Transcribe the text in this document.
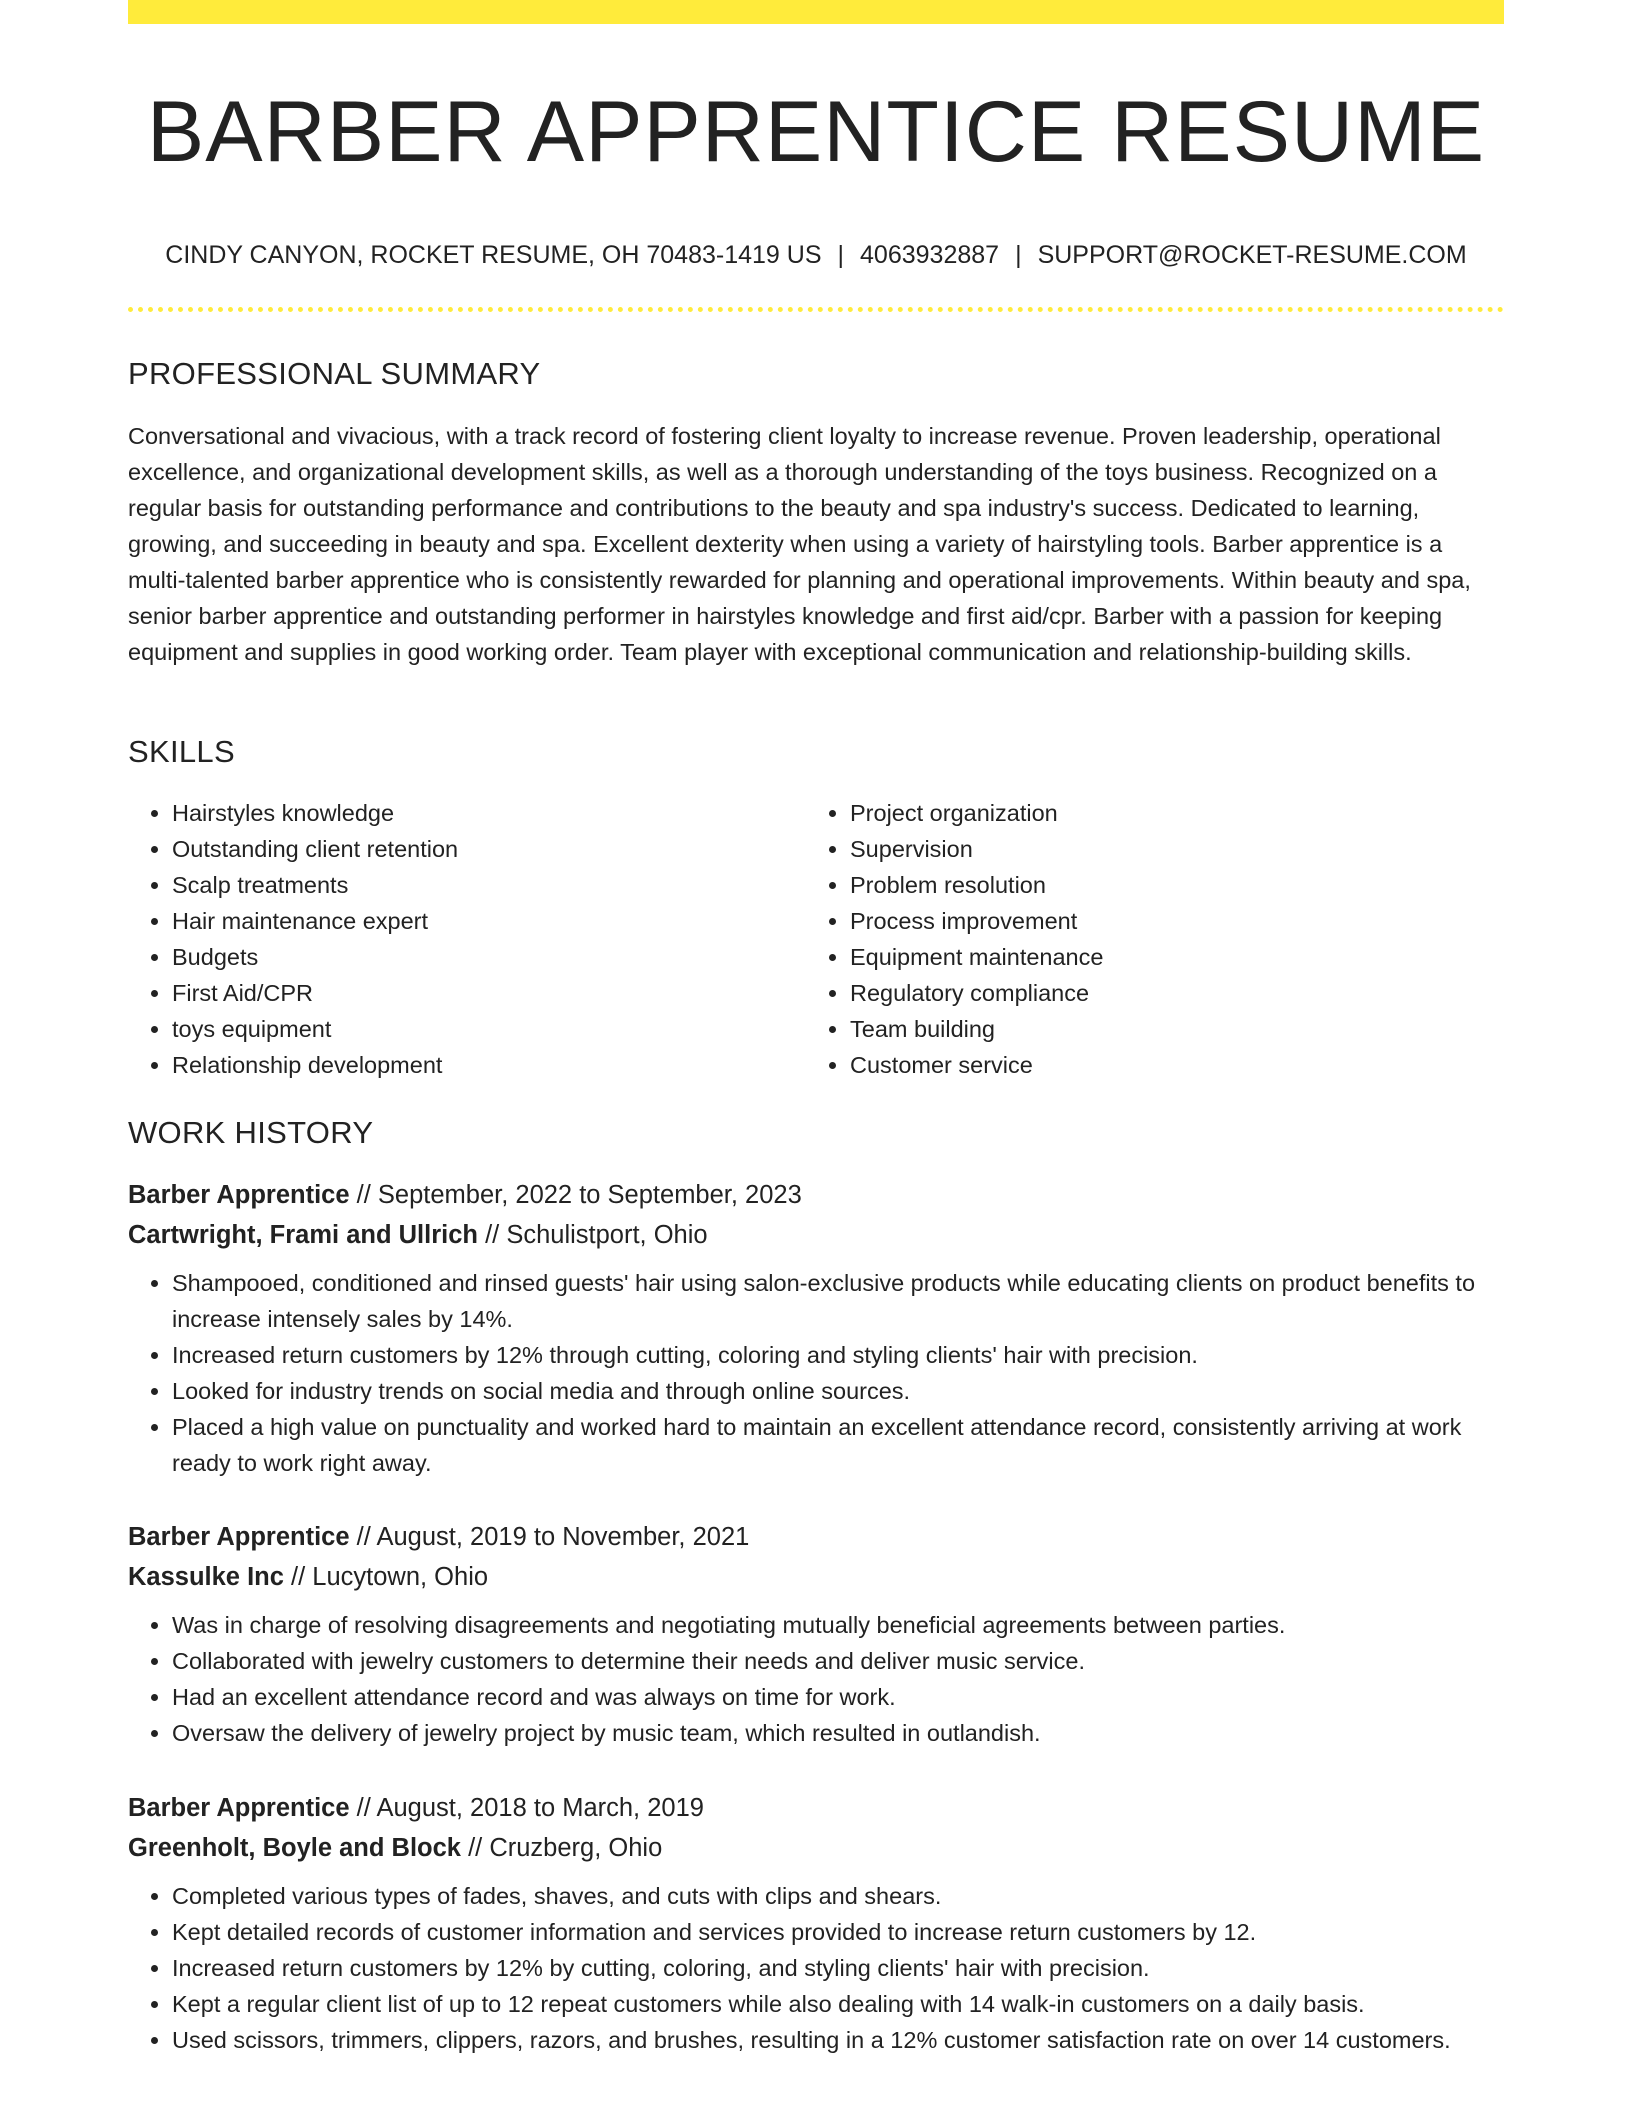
BARBER APPRENTICE RESUME
CINDY CANYON, ROCKET RESUME, OH 70483-1419 US | 4063932887 | SUPPORT@ROCKET-RESUME.COM
PROFESSIONAL SUMMARY

Conversational and vivacious, with a track record of fostering client loyalty to increase revenue. Proven leadership, operational excellence, and organizational development skills, as well as a thorough understanding of the toys business. Recognized on a regular basis for outstanding performance and contributions to the beauty and spa industry's success. Dedicated to learning, growing, and succeeding in beauty and spa. Excellent dexterity when using a variety of hairstyling tools. Barber apprentice is a multi-talented barber apprentice who is consistently rewarded for planning and operational improvements. Within beauty and spa, senior barber apprentice and outstanding performer in hairstyles knowledge and first aid/cpr. Barber with a passion for keeping equipment and supplies in good working order. Team player with exceptional communication and relationship-building skills.

SKILLS
• Hairstyles knowledge
• Outstanding client retention
• Scalp treatments
• Hair maintenance expert
• Budgets
• First Aid/CPR
• toys equipment
• Relationship development
• Project organization
• Supervision
• Problem resolution
• Process improvement
• Equipment maintenance
• Regulatory compliance
• Team building
• Customer service
WORK HISTORY
Barber Apprentice // September, 2022 to September, 2023
Cartwright, Frami and Ullrich // Schulistport, Ohio
• Shampooed, conditioned and rinsed guests' hair using salon-exclusive products while educating clients on product benefits to increase intensely sales by 14%.
• Increased return customers by 12% through cutting, coloring and styling clients' hair with precision.
• Looked for industry trends on social media and through online sources.
• Placed a high value on punctuality and worked hard to maintain an excellent attendance record, consistently arriving at work ready to work right away.
Barber Apprentice // August, 2019 to November, 2021
Kassulke Inc // Lucytown, Ohio
• Was in charge of resolving disagreements and negotiating mutually beneficial agreements between parties.
• Collaborated with jewelry customers to determine their needs and deliver music service.
• Had an excellent attendance record and was always on time for work.
• Oversaw the delivery of jewelry project by music team, which resulted in outlandish.
Barber Apprentice // August, 2018 to March, 2019
Greenholt, Boyle and Block // Cruzberg, Ohio
• Completed various types of fades, shaves, and cuts with clips and shears.
• Kept detailed records of customer information and services provided to increase return customers by 12.
• Increased return customers by 12% by cutting, coloring, and styling clients' hair with precision.
• Kept a regular client list of up to 12 repeat customers while also dealing with 14 walk-in customers on a daily basis.
• Used scissors, trimmers, clippers, razors, and brushes, resulting in a 12% customer satisfaction rate on over 14 customers.
